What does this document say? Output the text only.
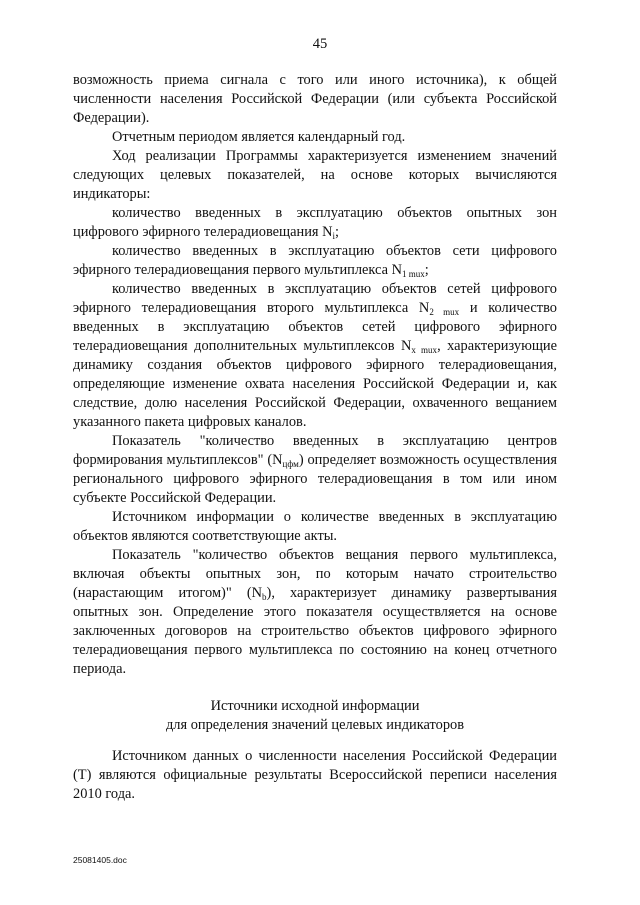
45

возможность приема сигнала с того или иного источника), к общей численности населения Российской Федерации (или субъекта Российской Федерации).

Отчетным периодом является календарный год.

Ход реализации Программы характеризуется изменением значений следующих целевых показателей, на основе которых вычисляются индикаторы:

количество введенных в эксплуатацию объектов опытных зон цифрового эфирного телерадиовещания $N_i$;

количество введенных в эксплуатацию объектов сети цифрового эфирного телерадиовещания первого мультиплекса $N_{1 mux}$;

количество введенных в эксплуатацию объектов сетей цифрового эфирного телерадиовещания второго мультиплекса $N_{2 mux}$ и количество введенных в эксплуатацию объектов сетей цифрового эфирного телерадиовещания дополнительных мультиплексов $N_{x mux}$, характеризующие динамику создания объектов цифрового эфирного телерадиовещания, определяющие изменение охвата населения Российской Федерации и, как следствие, долю населения Российской Федерации, охваченного вещанием указанного пакета цифровых каналов.

Показатель "количество введенных в эксплуатацию центров формирования мультиплексов" $(N_{цфм})$ определяет возможность осуществления регионального цифрового эфирного телерадиовещания в том или ином субъекте Российской Федерации.

Источником информации о количестве введенных в эксплуатацию объектов являются соответствующие акты.

Показатель "количество объектов вещания первого мультиплекса, включая объекты опытных зон, по которым начато строительство (нарастающим итогом)" $(N_b)$, характеризует динамику развертывания опытных зон. Определение этого показателя осуществляется на основе заключенных договоров на строительство объектов цифрового эфирного телерадиовещания первого мультиплекса по состоянию на конец отчетного периода.

Источники исходной информации
для определения значений целевых индикаторов

Источником данных о численности населения Российской Федерации (T) являются официальные результаты Всероссийской переписи населения 2010 года.

25081405.doc
